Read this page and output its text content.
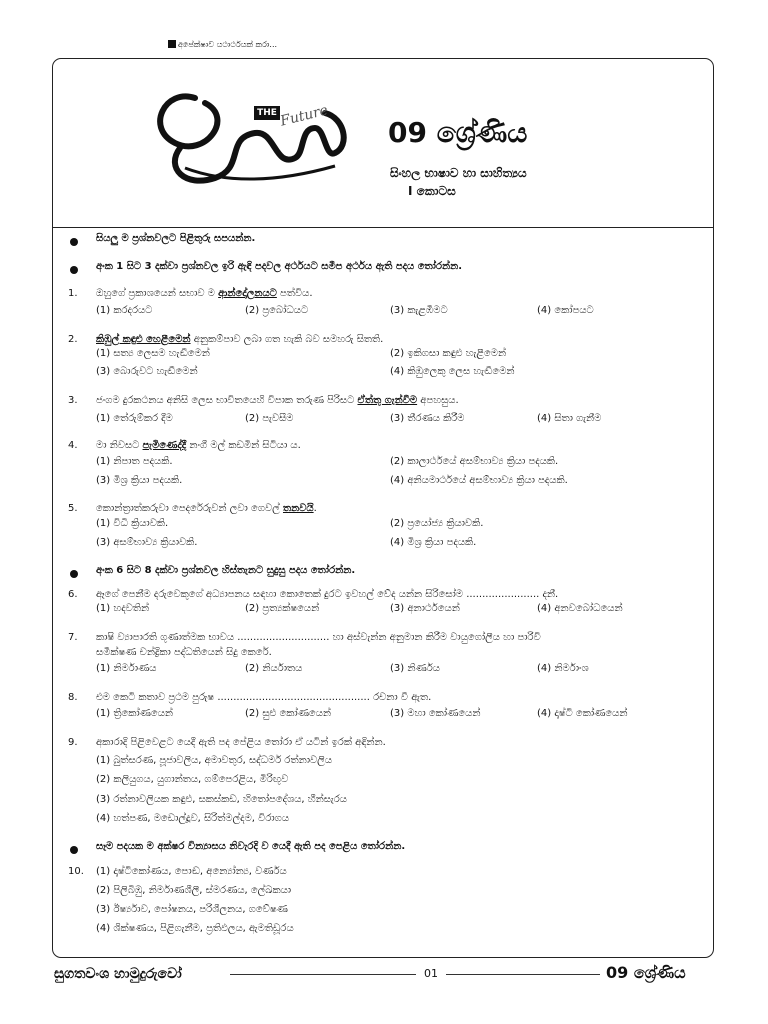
අපේක්ෂාව යථාර්ථයක් කරා...
THE Future 09 ශ්‍රේණිය
සිංහල භාෂාව හා සාහිත්‍යය
I කොටස
සියලු ම ප්‍රශ්නවලට පිළිතුරු සපයන්න.
අංක 1 සිට 3 දක්වා ප්‍රශ්නවල ඉරි ඇඳි පදවල අර්ථයට සමීප අර්ථය ඇති පදය තෝරන්න.
1. ඔහුගේ ප්‍රකාශයෙන් සභාව ම ආන්දෝලනයට පත්විය.
(1) කරදරයට	(2) ප්‍රබෝධයට	(3) කැළඹීමට	(4) කෝපයට
2. කිඹුල් කඳුළු හෙළීමෙන් අනුකම්පාව ලබා ගත හැකි බව සමහරු සිතති.
(1) සත්‍ය ලෙසම හැඬීමෙන්	(2) ඉකිගසා කඳුළු හැළීමෙන්
(3) බොරුවට හැඬීමෙන්	(4) කිඹුලෙකු ලෙස හැඬීමෙන්
3. ජංගම දුරකථනය අනිසි ලෙස භාවිතයෙහි විපාක තරුණ පිරිසට ඒත්තු ගැන්වීම අපහසුය.
(1) තේරුම්කර දීම	(2) පැවසීම	(3) තීරණය කිරීම	(4) සිතා ගැනීම
4. මා නිවසට පැමිණෙද්දී නංගී මල් කඩමින් සිටියා ය.
(1) නිපාත පදයකි.	(2) කාලාර්ථයේ අසම්භාව්‍ය ක්‍රියා පදයකි.
(3) මිශ්‍ර ක්‍රියා පදයකි.	(4) අනියමාර්ථයේ අසම්භාව්‍ය ක්‍රියා පදයකි.
5. කොන්ත්‍රාත්කරුවා පෙදරේරුවන් ලවා ගෙවල් තනවයි.
(1) විධි ක්‍රියාවකි.	(2) ප්‍රයෝජ්‍ය ක්‍රියාවකි.
(3) අසම්භාව්‍ය ක්‍රියාවකි.	(4) මිශ්‍ර ක්‍රියා පදයකි.
අංක 6 සිට 8 දක්වා ප්‍රශ්නවල හිස්තැනට සුදුසු පදය තෝරන්න.
6. ඈගේ පෙනීම දරුවෙකුගේ අධ්‍යාපනය සඳහා කොතෙක් දුරට ඉවහල් වේද යන්න සිරිසෝම ....................... දනී.
(1) හදවතින්	(2) ප්‍රත්‍යක්ෂයෙන්	(3) අනාර්ථයෙන්	(4) අනවබෝධයෙන්
7. කාෂි ව්‍යාපාරති ගුණාත්මක භාවය ............................. හා අස්වැන්න අනුමාන කිරීම වායුගෝලීය හා පාරිවි
සමීක්ෂණ චන්ද්‍රිකා පද්ධතියෙන් සිදු කෙරේ.
(1) නිර්මාණය	(2) නිර්යාතය	(3) නිර්ණය	(4) නිර්මාංශ
8. එම කෙටි කතාව ප්‍රථම පුරුෂ ................................................ රචනා වී ඇත.
(1) ත්‍රිකෝණයෙන්	(2) සුළු කෝණයෙන්	(3) මහා කෝණයෙන්	(4) දෘෂ්ටි කෝණයෙන්
9. අකාරාදි පිළිවෙළට යෙදී ඇති පද පේළිය තෝරා ඒ යටින් ඉරක් අඳින්න.
(1) බුත්සරණ, පූජාවලිය, අමාවතුර, සද්ධර්ම රත්නාවලිය
(2) කලියුගය, යුගාන්තය, ගම්පෙරළිය, මිරිඟුව
(3) රත්නාවලියක කඳුළු, සකස්කඩ, හිතෝපදේශය, හීන්සැරය
(4) හත්පණ, මඩොල්දූව, සිරිත්මල්දම, විරාගය
සෑම පදයක ම අක්ෂර වින්‍යාසය නිවැරදි ව යෙදී ඇති පද පෙළිය තෝරන්න.
10. (1) දෘෂ්ටිකෝණය, පොඬ, අන්‍යෝන්‍ය, වර්ණය
(2) පිලිබිඹු, නිර්මාණශීලී, ස්මරණය, ලේඛකයා
(3) ඊර්ෂ්‍යාව, පෝෂනය, පරිශීලනය, ගවේෂණ
(4) ශික්ෂණය, පිළිගැනීම, ප්‍රතිඵලය, ඇමතිඩූරය
සුගතවංශ හාමුදුරුවෝ	01	09 ශ්‍රේණිය
